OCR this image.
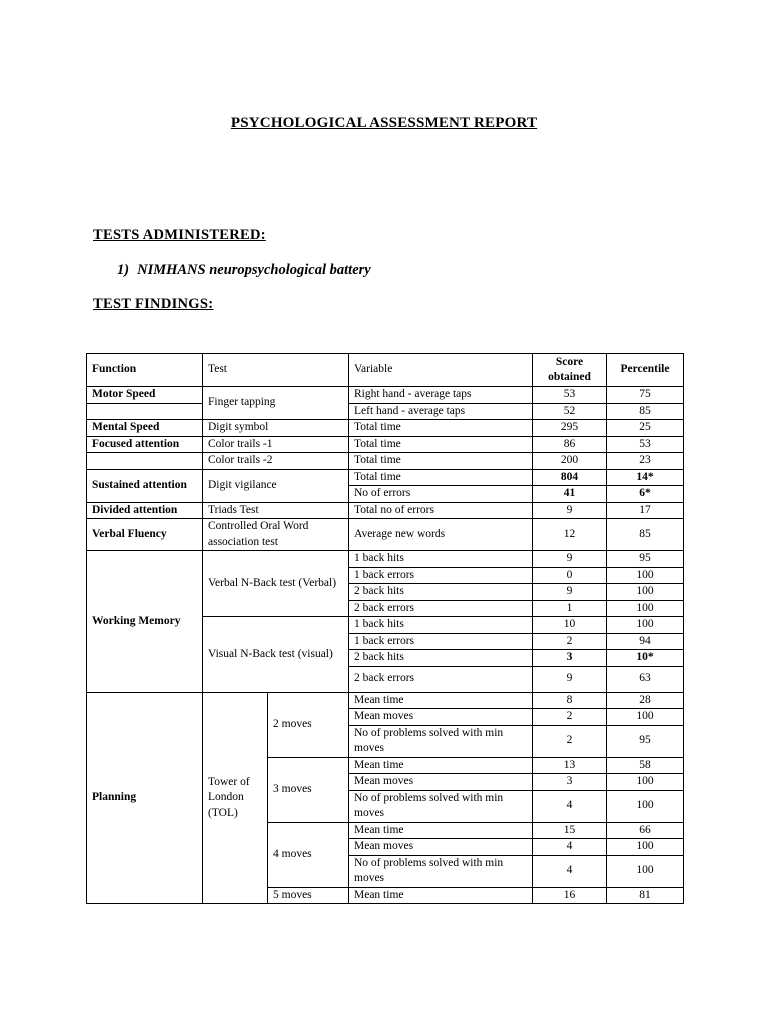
PSYCHOLOGICAL ASSESSMENT REPORT
TESTS ADMINISTERED:
1) NIMHANS neuropsychological battery
TEST FINDINGS:
Function	Test		Variable	Score obtained	Percentile
Motor Speed	Finger tapping		Right hand - average taps	53	75
			Left hand - average taps	52	85
Mental Speed	Digit symbol		Total time	295	25
Focused attention	Color trails -1		Total time	86	53
	Color trails -2		Total time	200	23
Sustained attention	Digit vigilance		Total time	804	14*
			No of errors	41	6*
Divided attention	Triads Test		Total no of errors	9	17
Verbal Fluency	Controlled Oral Word association test		Average new words	12	85
Working Memory	Verbal N-Back test (Verbal)		1 back hits	9	95
			1 back errors	0	100
			2 back hits	9	100
			2 back errors	1	100
	Visual N-Back test (visual)		1 back hits	10	100
			1 back errors	2	94
			2 back hits	3	10*
			2 back errors	9	63
Planning	Tower of London (TOL)	2 moves	Mean time	8	28
			Mean moves	2	100
			No of problems solved with min moves	2	95
		3 moves	Mean time	13	58
			Mean moves	3	100
			No of problems solved with min moves	4	100
		4 moves	Mean time	15	66
			Mean moves	4	100
			No of problems solved with min moves	4	100
		5 moves	Mean time	16	81
